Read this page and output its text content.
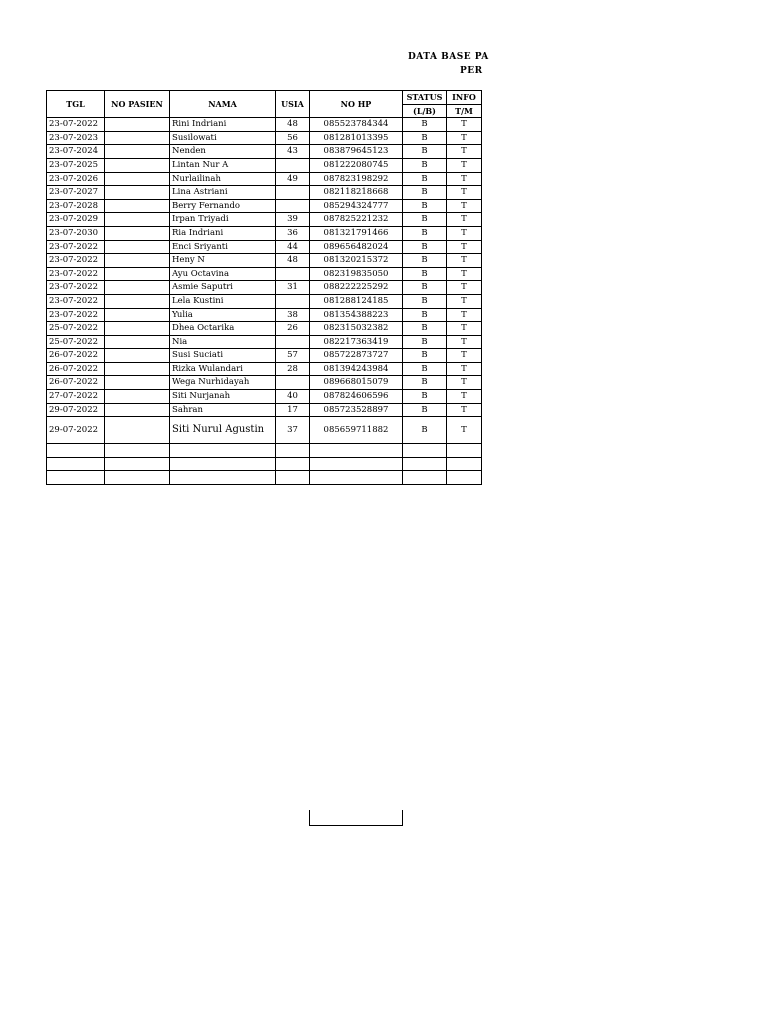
DATA BASE PA
PER
TGL	NO PASIEN	NAMA	USIA	NO HP	STATUS	INFO
					(L/B)	T/M
23-07-2022		Rini Indriani	48	085523784344	B	T
23-07-2023		Susilowati	56	081281013395	B	T
23-07-2024		Nenden	43	083879645123	B	T
23-07-2025		Lintan Nur A		081222080745	B	T
23-07-2026		Nurlailinah	49	087823198292	B	T
23-07-2027		Lina Astriani		082118218668	B	T
23-07-2028		Berry Fernando		085294324777	B	T
23-07-2029		Irpan Triyadi	39	087825221232	B	T
23-07-2030		Ria Indriani	36	081321791466	B	T
23-07-2022		Enci Sriyanti	44	089656482024	B	T
23-07-2022		Heny N	48	081320215372	B	T
23-07-2022		Ayu Octavina		082319835050	B	T
23-07-2022		Asmie Saputri	31	088222225292	B	T
23-07-2022		Lela Kustini		081288124185	B	T
23-07-2022		Yulia	38	081354388223	B	T
25-07-2022		Dhea Octarika	26	082315032382	B	T
25-07-2022		Nia		082217363419	B	T
26-07-2022		Susi Suciati	57	085722873727	B	T
26-07-2022		Rizka Wulandari	28	081394243984	B	T
26-07-2022		Wega Nurhidayah		089668015079	B	T
27-07-2022		Siti Nurjanah	40	087824606596	B	T
29-07-2022		Sahran	17	085723528897	B	T
29-07-2022		Siti Nurul Agustin	37	085659711882	B	T
